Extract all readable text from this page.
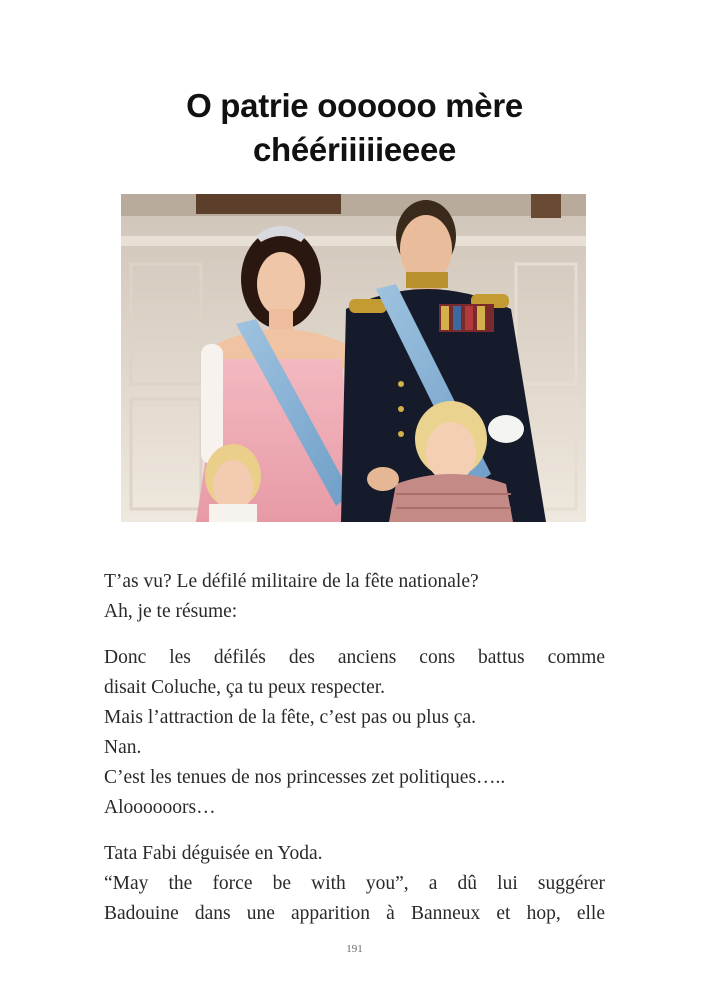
O patrie oooooo mère
chéériiiiieeee

T’as vu? Le défilé militaire de la fête nationale?
Ah, je te résume:

Donc les défilés des anciens cons battus comme
disait Coluche, ça tu peux respecter.
Mais l’attraction de la fête, c’est pas ou plus ça.
Nan.
C’est les tenues de nos princesses zet politiques…..
Aloooooors…

Tata Fabi déguisée en Yoda.
“May the force be with you”, a dû lui suggérer
Badouine dans une apparition à Banneux et hop, elle

191
